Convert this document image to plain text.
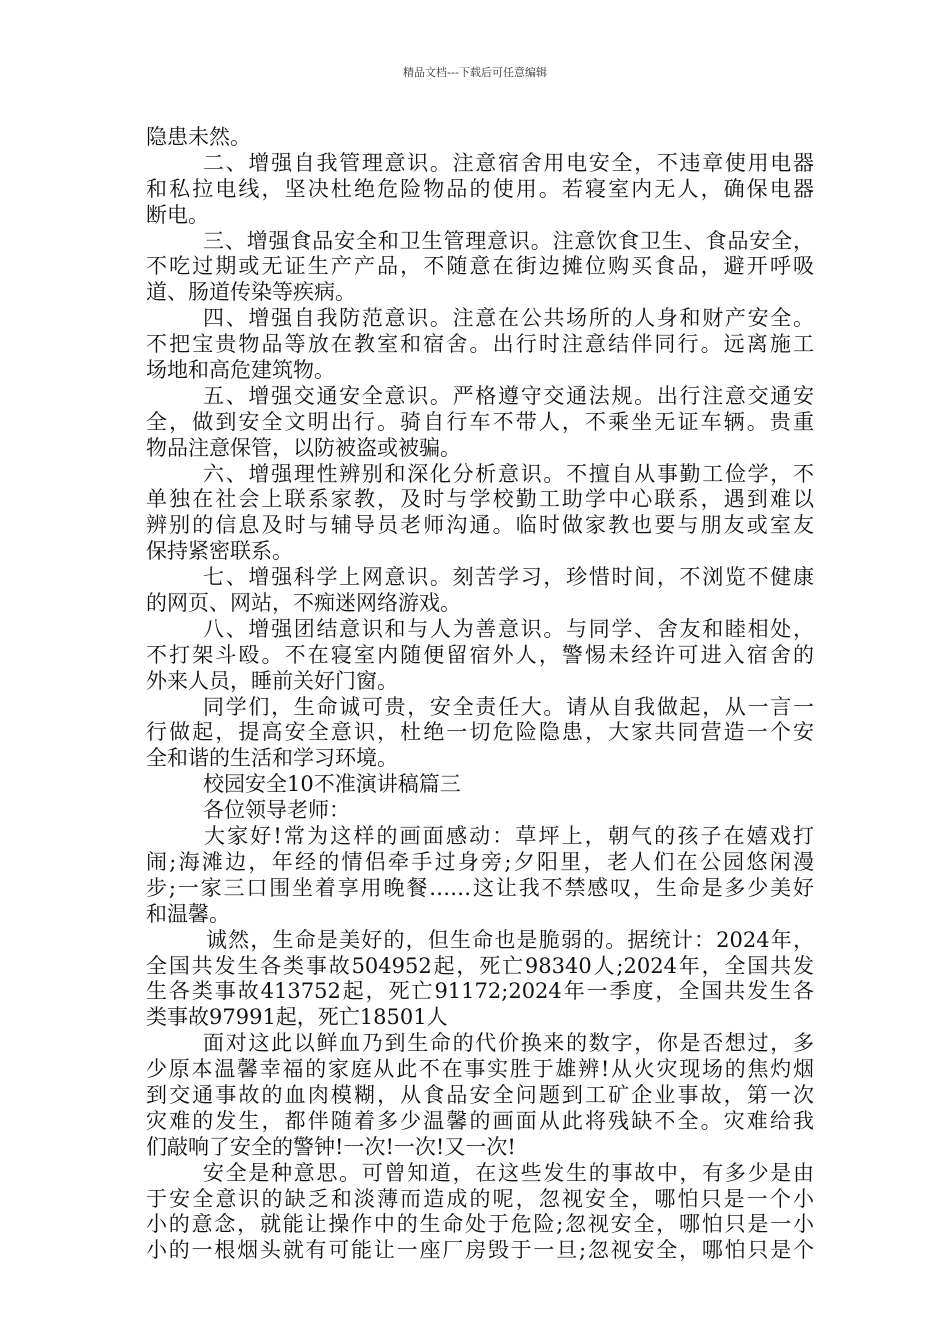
精品文档---下载后可任意编辑
隐患未然。
二、增强自我管理意识。注意宿舍用电安全，不违章使用电器
和私拉电线，坚决杜绝危险物品的使用。若寝室内无人，确保电器
断电。
三、增强食品安全和卫生管理意识。注意饮食卫生、食品安全，
不吃过期或无证生产产品，不随意在街边摊位购买食品，避开呼吸
道、肠道传染等疾病。
四、增强自我防范意识。注意在公共场所的人身和财产安全。
不把宝贵物品等放在教室和宿舍。出行时注意结伴同行。远离施工
场地和高危建筑物。
五、增强交通安全意识。严格遵守交通法规。出行注意交通安
全，做到安全文明出行。骑自行车不带人，不乘坐无证车辆。贵重
物品注意保管，以防被盗或被骗。
六、增强理性辨别和深化分析意识。不擅自从事勤工俭学，不
单独在社会上联系家教，及时与学校勤工助学中心联系，遇到难以
辨别的信息及时与辅导员老师沟通。临时做家教也要与朋友或室友
保持紧密联系。
七、增强科学上网意识。刻苦学习，珍惜时间，不浏览不健康
的网页、网站，不痴迷网络游戏。
八、增强团结意识和与人为善意识。与同学、舍友和睦相处，
不打架斗殴。不在寝室内随便留宿外人，警惕未经许可进入宿舍的
外来人员，睡前关好门窗。
同学们，生命诚可贵，安全责任大。请从自我做起，从一言一
行做起，提高安全意识，杜绝一切危险隐患，大家共同营造一个安
全和谐的生活和学习环境。
校园安全10不准演讲稿篇三
各位领导老师：
大家好!常为这样的画面感动：草坪上，朝气的孩子在嬉戏打
闹;海滩边，年经的情侣牵手过身旁;夕阳里，老人们在公园悠闲漫
步;一家三口围坐着享用晚餐……这让我不禁感叹，生命是多少美好
和温馨。
诚然，生命是美好的，但生命也是脆弱的。据统计：2024年，
全国共发生各类事故504952起，死亡98340人;2024年，全国共发
生各类事故413752起，死亡91172;2024年一季度，全国共发生各
类事故97991起，死亡18501人
面对这此以鲜血乃到生命的代价换来的数字，你是否想过，多
少原本温馨幸福的家庭从此不在事实胜于雄辨!从火灾现场的焦灼烟
到交通事故的血肉模糊，从食品安全问题到工矿企业事故，第一次
灾难的发生，都伴随着多少温馨的画面从此将残缺不全。灾难给我
们敲响了安全的警钟!一次!一次!又一次!
安全是种意思。可曾知道，在这些发生的事故中，有多少是由
于安全意识的缺乏和淡薄而造成的呢，忽视安全，哪怕只是一个小
小的意念，就能让操作中的生命处于危险;忽视安全，哪怕只是一小
小的一根烟头就有可能让一座厂房毁于一旦;忽视安全，哪怕只是个
